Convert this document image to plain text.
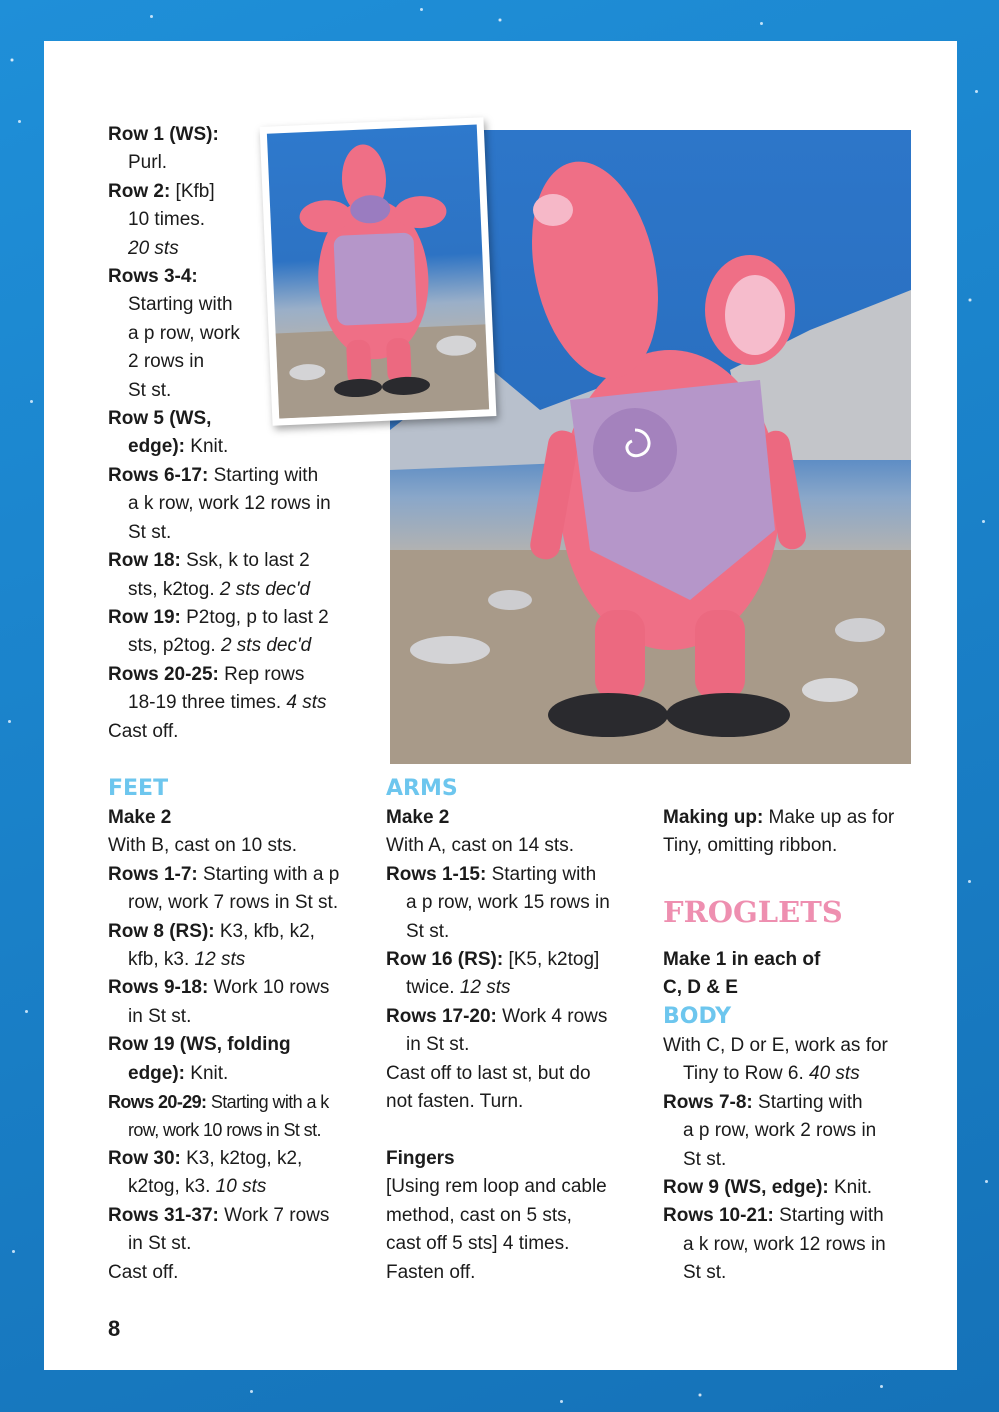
Row 1 (WS):

Purl.

Row 2: [Kfb]

10 times.

20 sts

Rows 3-4:

Starting with

a p row, work

2 rows in

St st.

Row 5 (WS,

edge): Knit.

Rows 6-17: Starting with

a k row, work 12 rows in

St st.

Row 18: Ssk, k to last 2

sts, k2tog. 2 sts dec'd

Row 19: P2tog, p to last 2

sts, p2tog. 2 sts dec'd

Rows 20-25: Rep rows

18-19 three times. 4 sts

Cast off.

FEET

Make 2

With B, cast on 10 sts.

Rows 1-7: Starting with a p

row, work 7 rows in St st.

Row 8 (RS): K3, kfb, k2,

kfb, k3. 12 sts

Rows 9-18: Work 10 rows

in St st.

Row 19 (WS, folding

edge): Knit.

Rows 20-29: Starting with a k

row, work 10 rows in St st.

Row 30: K3, k2tog, k2,

k2tog, k3. 10 sts

Rows 31-37: Work 7 rows

in St st.

Cast off.

ARMS

Make 2

With A, cast on 14 sts.

Rows 1-15: Starting with

a p row, work 15 rows in

St st.

Row 16 (RS): [K5, k2tog]

twice. 12 sts

Rows 17-20: Work 4 rows

in St st.

Cast off to last st, but do

not fasten. Turn.

Fingers

[Using rem loop and cable

method, cast on 5 sts,

cast off 5 sts] 4 times.

Fasten off.

Making up: Make up as for

Tiny, omitting ribbon.

FROGLETS

Make 1 in each of

C, D & E

BODY

With C, D or E, work as for

Tiny to Row 6. 40 sts

Rows 7-8: Starting with

a p row, work 2 rows in

St st.

Row 9 (WS, edge): Knit.

Rows 10-21: Starting with

a k row, work 12 rows in

St st.

8
